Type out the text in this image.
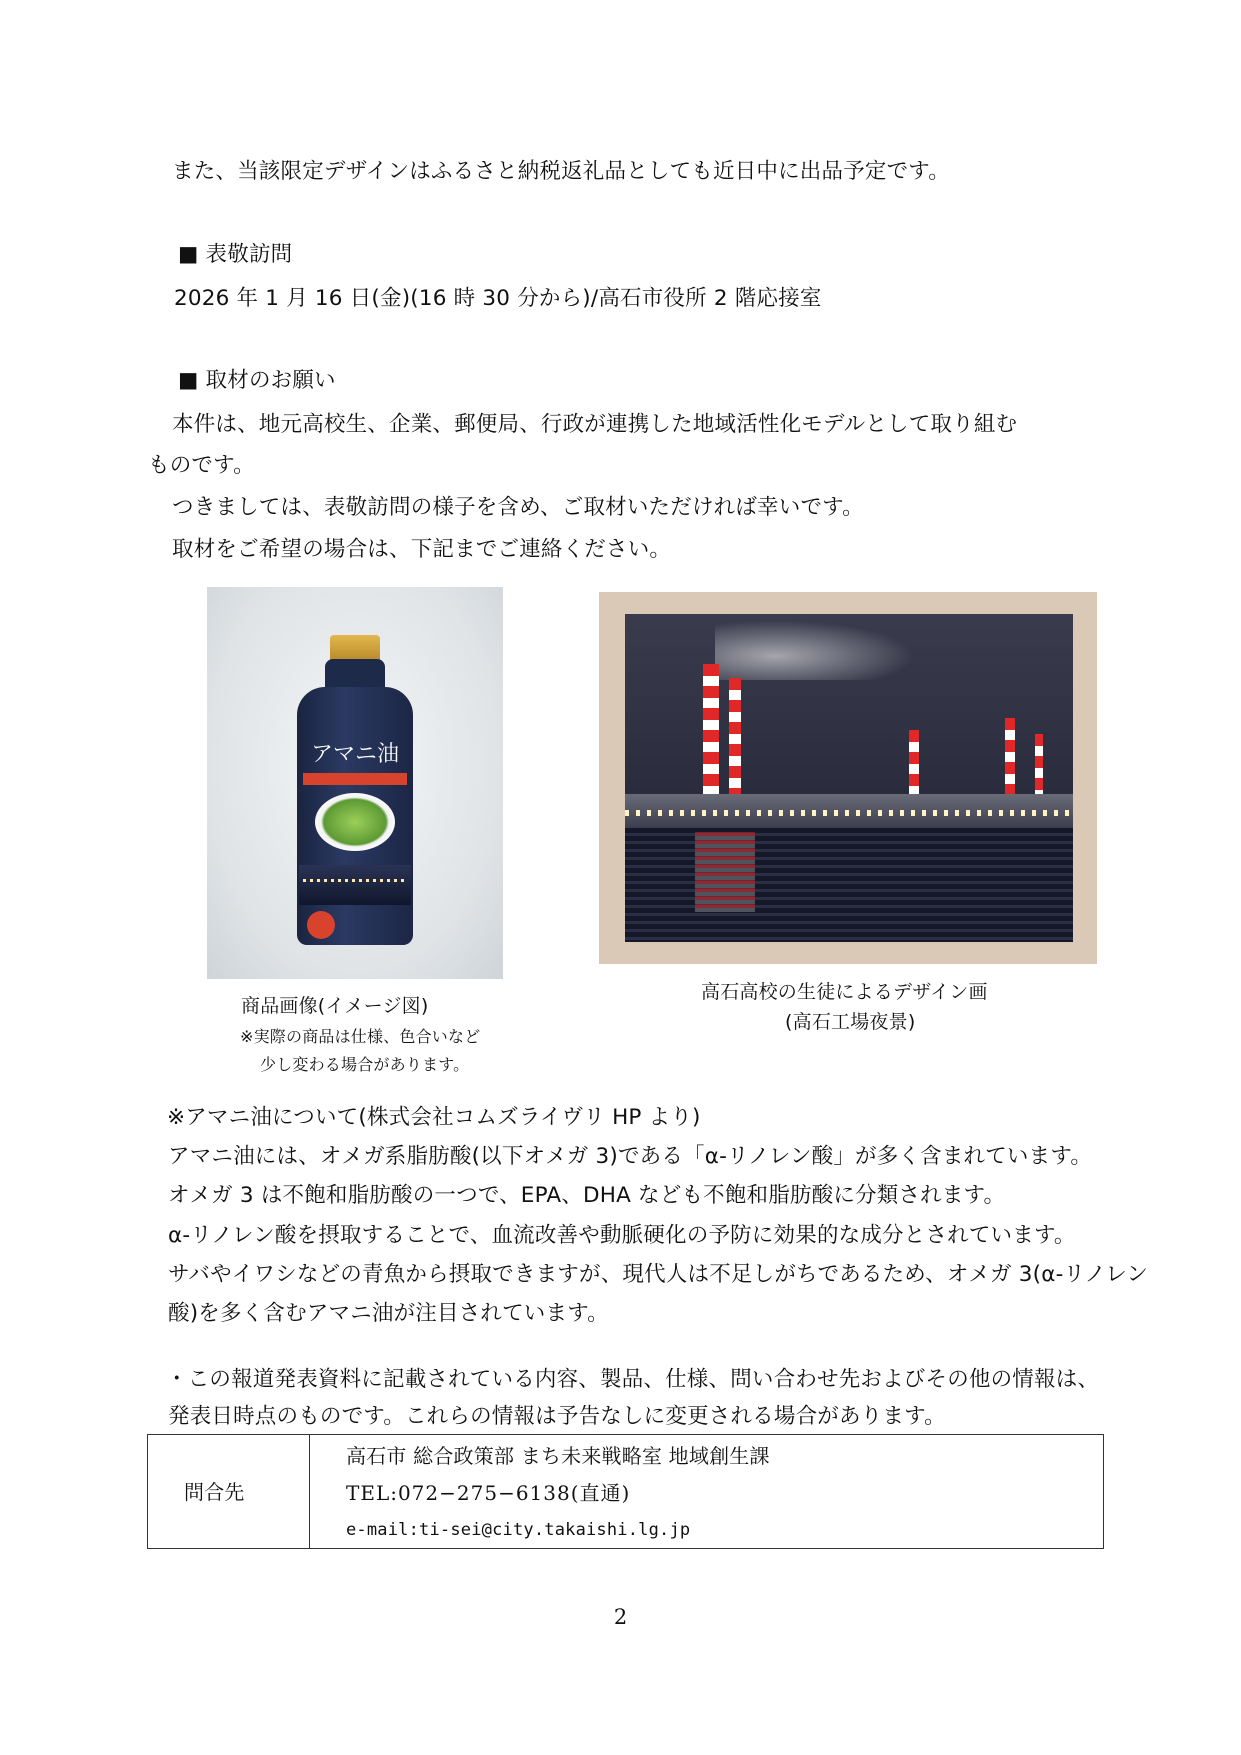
また、当該限定デザインはふるさと納税返礼品としても近日中に出品予定です。
■ 表敬訪問
2026 年 1 月 16 日(金)(16 時 30 分から)/高石市役所 2 階応接室
■ 取材のお願い
本件は、地元高校生、企業、郵便局、行政が連携した地域活性化モデルとして取り組む
ものです。
つきましては、表敬訪問の様子を含め、ご取材いただければ幸いです。
取材をご希望の場合は、下記までご連絡ください。
アマニ油
商品画像(イメージ図)
※実際の商品は仕様、色合いなど
少し変わる場合があります。
高石高校の生徒によるデザイン画
(高石工場夜景)
※アマニ油について(株式会社コムズライヴリ HP より)
アマニ油には、オメガ系脂肪酸(以下オメガ 3)である「α-リノレン酸」が多く含まれています。
オメガ 3 は不飽和脂肪酸の一つで、EPA、DHA なども不飽和脂肪酸に分類されます。
α-リノレン酸を摂取することで、血流改善や動脈硬化の予防に効果的な成分とされています。
サバやイワシなどの青魚から摂取できますが、現代人は不足しがちであるため、オメガ 3(α-リノレン
酸)を多く含むアマニ油が注目されています。
・この報道発表資料に記載されている内容、製品、仕様、問い合わせ先およびその他の情報は、
発表日時点のものです。これらの情報は予告なしに変更される場合があります。
問合先
高石市 総合政策部 まち未来戦略室 地域創生課
TEL:072−275−6138(直通)
e-mail:ti-sei@city.takaishi.lg.jp
2
